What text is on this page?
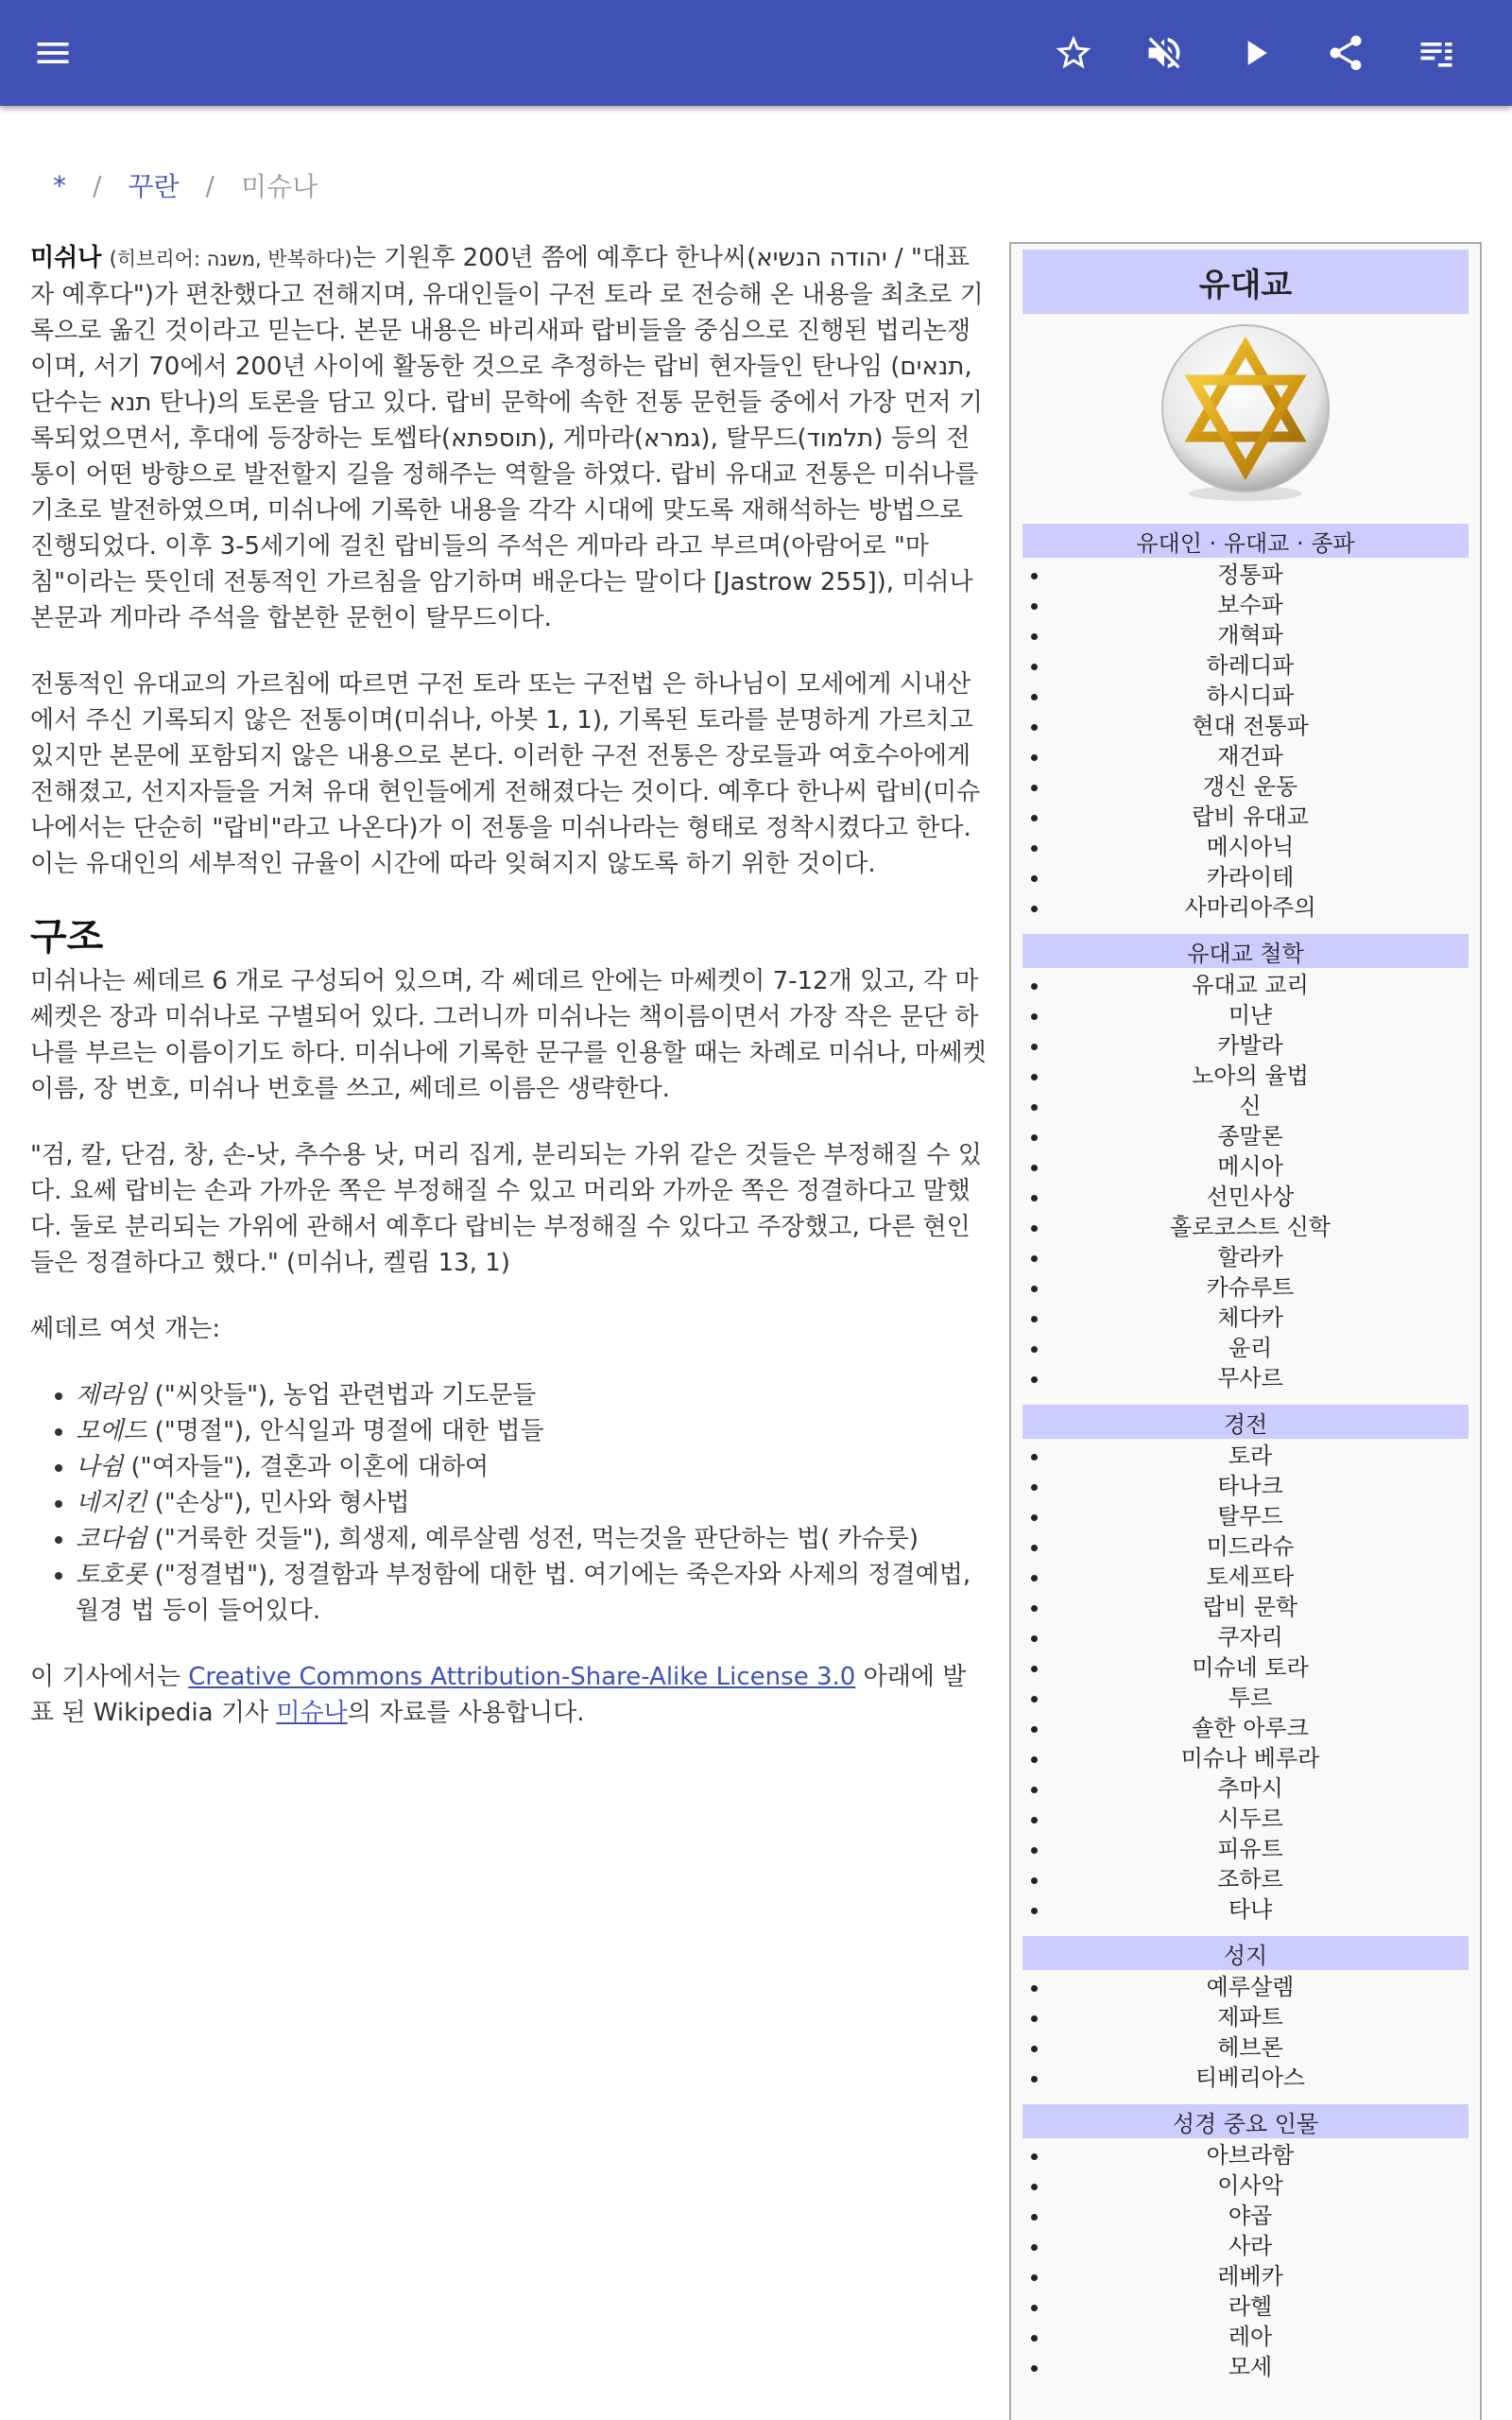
* / 꾸란 / 미슈나

미쉬나 (히브리어: משנה, 반복하다)는 기원후 200년 쯤에 예후다 한나씨(יהודה הנשיא / "대표자 예후다")가 편찬했다고 전해지며, 유대인들이 구전 토라 로 전승해 온 내용을 최초로 기록으로 옮긴 것이라고 믿는다. 본문 내용은 바리새파 랍비들을 중심으로 진행된 법리논쟁이며, 서기 70에서 200년 사이에 활동한 것으로 추정하는 랍비 현자들인 탄나임 (תנאים, 단수는 תנא 탄나)의 토론을 담고 있다. 랍비 문학에 속한 전통 문헌들 중에서 가장 먼저 기록되었으면서, 후대에 등장하는 토쎕타(תוספתא), 게마라(גמרא), 탈무드(תלמוד) 등의 전통이 어떤 방향으로 발전할지 길을 정해주는 역할을 하였다. 랍비 유대교 전통은 미쉬나를 기초로 발전하였으며, 미쉬나에 기록한 내용을 각각 시대에 맞도록 재해석하는 방법으로 진행되었다. 이후 3-5세기에 걸친 랍비들의 주석은 게마라 라고 부르며(아람어로 "마침"이라는 뜻인데 전통적인 가르침을 암기하며 배운다는 말이다 [Jastrow 255]), 미쉬나 본문과 게마라 주석을 합본한 문헌이 탈무드이다.

전통적인 유대교의 가르침에 따르면 구전 토라 또는 구전법 은 하나님이 모세에게 시내산 에서 주신 기록되지 않은 전통이며(미쉬나, 아봇 1, 1), 기록된 토라를 분명하게 가르치고 있지만 본문에 포함되지 않은 내용으로 본다. 이러한 구전 전통은 장로들과 여호수아에게 전해졌고, 선지자들을 거쳐 유대 현인들에게 전해졌다는 것이다. 예후다 한나씨 랍비(미슈나에서는 단순히 "랍비"라고 나온다)가 이 전통을 미쉬나라는 형태로 정착시켰다고 한다. 이는 유대인의 세부적인 규율이 시간에 따라 잊혀지지 않도록 하기 위한 것이다.

구조

미쉬나는 쎄데르 6 개로 구성되어 있으며, 각 쎄데르 안에는 마쎄켓이 7-12개 있고, 각 마쎄켓은 장과 미쉬나로 구별되어 있다. 그러니까 미쉬나는 책이름이면서 가장 작은 문단 하나를 부르는 이름이기도 하다. 미쉬나에 기록한 문구를 인용할 때는 차례로 미쉬나, 마쎄켓 이름, 장 번호, 미쉬나 번호를 쓰고, 쎄데르 이름은 생략한다.

"검, 칼, 단검, 창, 손-낫, 추수용 낫, 머리 집게, 분리되는 가위 같은 것들은 부정해질 수 있다. 요쎄 랍비는 손과 가까운 쪽은 부정해질 수 있고 머리와 가까운 쪽은 정결하다고 말했다. 둘로 분리되는 가위에 관해서 예후다 랍비는 부정해질 수 있다고 주장했고, 다른 현인들은 정결하다고 했다." (미쉬나, 켈림 13, 1)

쎄데르 여섯 개는:

• 제라임 ("씨앗들"), 농업 관련법과 기도문들
• 모에드 ("명절"), 안식일과 명절에 대한 법들
• 나쉼 ("여자들"), 결혼과 이혼에 대하여
• 네지킨 ("손상"), 민사와 형사법
• 코다쉼 ("거룩한 것들"), 희생제, 예루살렘 성전, 먹는것을 판단하는 법( 카슈룻)
• 토호롯 ("정결법"), 정결함과 부정함에 대한 법. 여기에는 죽은자와 사제의 정결예법, 월경 법 등이 들어있다.

이 기사에서는 Creative Commons Attribution-Share-Alike License 3.0 아래에 발표 된 Wikipedia 기사 미슈나의 자료를 사용합니다.

유대교
유대인 · 유대교 · 종파
• 정통파
• 보수파
• 개혁파
• 하레디파
• 하시디파
• 현대 전통파
• 재건파
• 갱신 운동
• 랍비 유대교
• 메시아닉
• 카라이테
• 사마리아주의
유대교 철학
• 유대교 교리
• 미냔
• 카발라
• 노아의 율법
• 신
• 종말론
• 메시아
• 선민사상
• 홀로코스트 신학
• 할라카
• 카슈루트
• 체다카
• 윤리
• 무사르
경전
• 토라
• 타나크
• 탈무드
• 미드라슈
• 토세프타
• 랍비 문학
• 쿠자리
• 미슈네 토라
• 투르
• 숄한 아루크
• 미슈나 베루라
• 추마시
• 시두르
• 피유트
• 조하르
• 타냐
성지
• 예루살렘
• 제파트
• 헤브론
• 티베리아스
성경 중요 인물
• 아브라함
• 이사악
• 야곱
• 사라
• 레베카
• 라헬
• 레아
• 모세
